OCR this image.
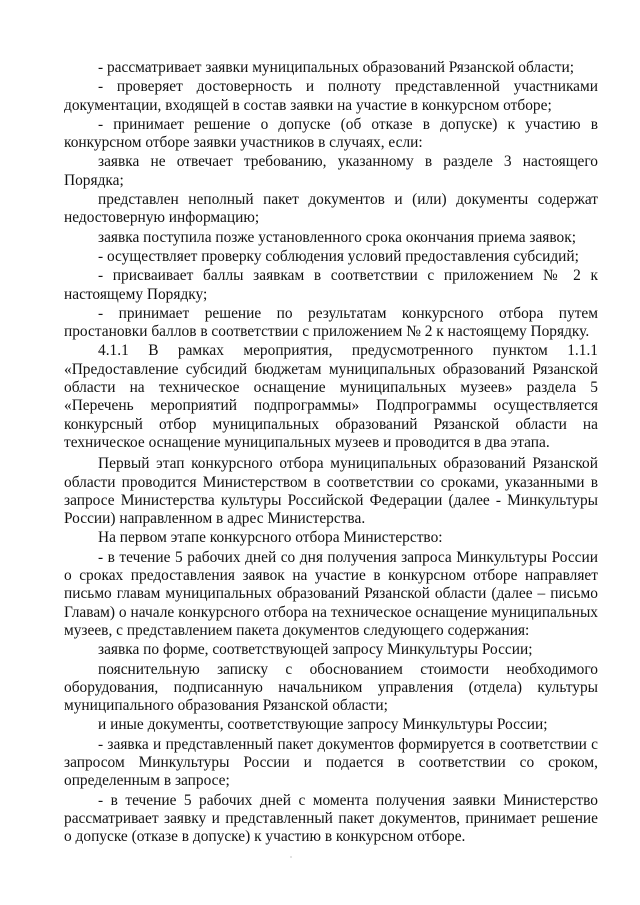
- рассматривает заявки муниципальных образований Рязанской области;

- проверяет достоверность и полноту представленной участниками документации, входящей в состав заявки на участие в конкурсном отборе;

- принимает решение о допуске (об отказе в допуске) к участию в конкурсном отборе заявки участников в случаях, если:

заявка не отвечает требованию, указанному в разделе 3 настоящего Порядка;

представлен неполный пакет документов и (или) документы содержат недостоверную информацию;

заявка поступила позже установленного срока окончания приема заявок;

- осуществляет проверку соблюдения условий предоставления субсидий;

- присваивает баллы заявкам в соответствии с приложением № 2 к настоящему Порядку;

- принимает решение по результатам конкурсного отбора путем простановки баллов в соответствии с приложением № 2 к настоящему Порядку.

4.1.1 В рамках мероприятия, предусмотренного пунктом 1.1.1 «Предоставление субсидий бюджетам муниципальных образований Рязанской области на техническое оснащение муниципальных музеев» раздела 5 «Перечень мероприятий подпрограммы» Подпрограммы осуществляется конкурсный отбор муниципальных образований Рязанской области на техническое оснащение муниципальных музеев и проводится в два этапа.

Первый этап конкурсного отбора муниципальных образований Рязанской области проводится Министерством в соответствии со сроками, указанными в запросе Министерства культуры Российской Федерации (далее - Минкультуры России) направленном в адрес Министерства.

На первом этапе конкурсного отбора Министерство:

- в течение 5 рабочих дней со дня получения запроса Минкультуры России о сроках предоставления заявок на участие в конкурсном отборе направляет письмо главам муниципальных образований Рязанской области (далее – письмо Главам) о начале конкурсного отбора на техническое оснащение муниципальных музеев, с представлением пакета документов следующего содержания:

заявка по форме, соответствующей запросу Минкультуры России;

пояснительную записку с обоснованием стоимости необходимого оборудования, подписанную начальником управления (отдела) культуры муниципального образования Рязанской области;

и иные документы, соответствующие запросу Минкультуры России;

- заявка и представленный пакет документов формируется в соответствии с запросом Минкультуры России и подается в соответствии со сроком, определенным в запросе;

- в течение 5 рабочих дней с момента получения заявки Министерство рассматривает заявку и представленный пакет документов, принимает решение о допуске (отказе в допуске) к участию в конкурсном отборе.
